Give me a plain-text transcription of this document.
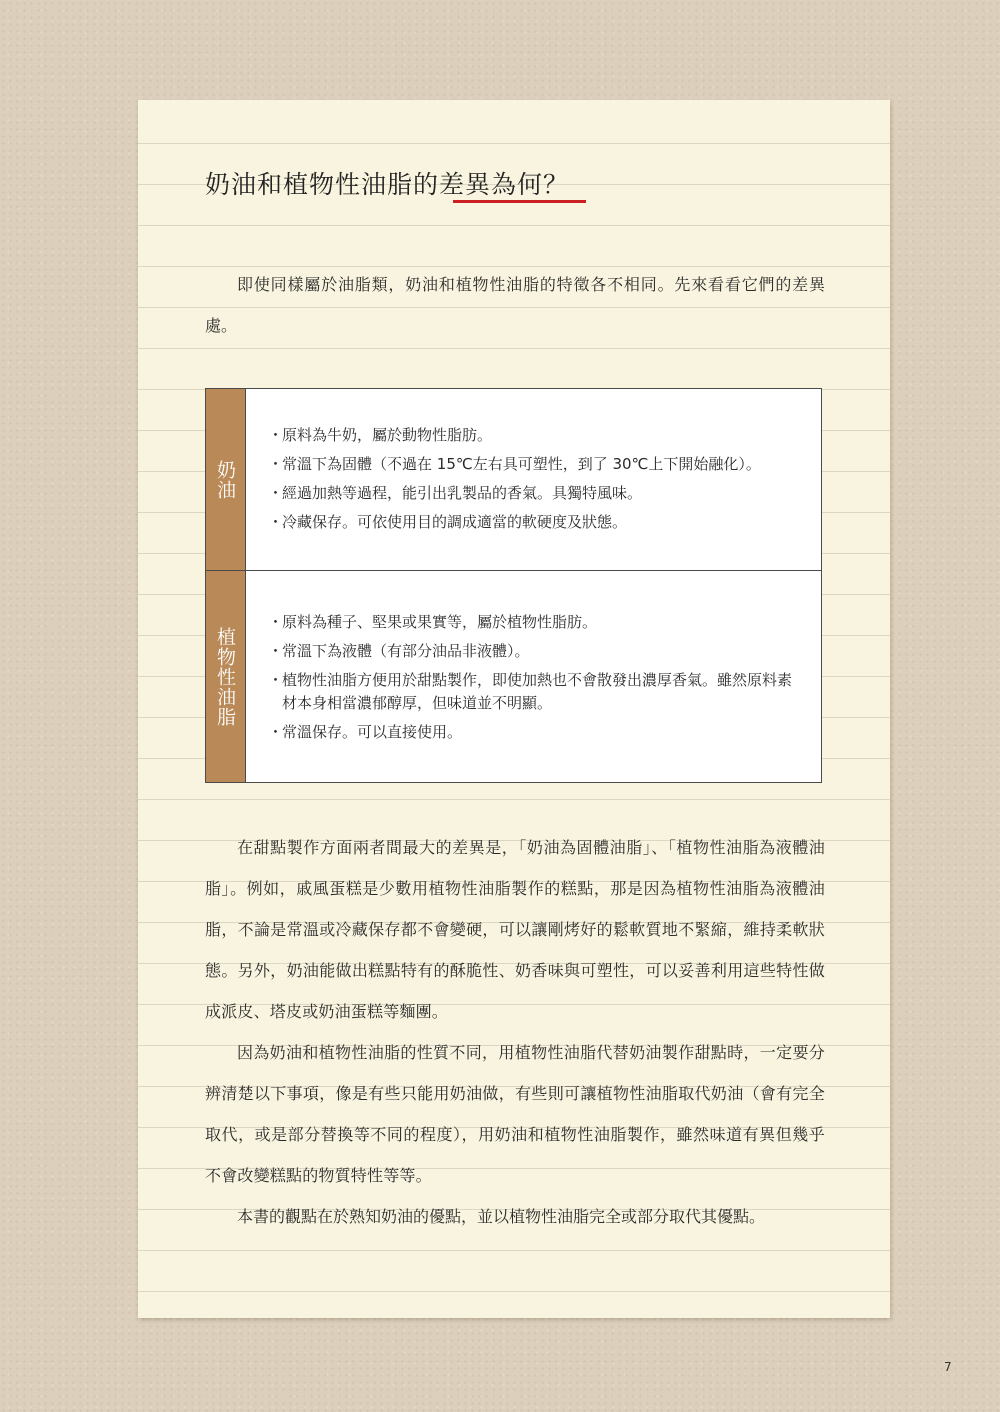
奶油和植物性油脂的差異為何？

即使同樣屬於油脂類，奶油和植物性油脂的特徵各不相同。先來看看它們的差異處。

奶油
・
原料為牛奶，屬於動物性脂肪。
・
常溫下為固體（不過在 15℃左右具可塑性，到了 30℃上下開始融化）。
・
經過加熱等過程，能引出乳製品的香氣。具獨特風味。
・
冷藏保存。可依使用目的調成適當的軟硬度及狀態。
植物性油脂
・
原料為種子、堅果或果實等，屬於植物性脂肪。
・
常溫下為液體（有部分油品非液體）。
・
植物性油脂方便用於甜點製作，即使加熱也不會散發出濃厚香氣。雖然原料素材本身相當濃郁醇厚，但味道並不明顯。
・
常溫保存。可以直接使用。

在甜點製作方面兩者間最大的差異是，「奶油為固體油脂」、「植物性油脂為液體油脂」。例如，戚風蛋糕是少數用植物性油脂製作的糕點，那是因為植物性油脂為液體油脂，不論是常溫或冷藏保存都不會變硬，可以讓剛烤好的鬆軟質地不緊縮，維持柔軟狀態。另外，奶油能做出糕點特有的酥脆性、奶香味與可塑性，可以妥善利用這些特性做成派皮、塔皮或奶油蛋糕等麵團。

因為奶油和植物性油脂的性質不同，用植物性油脂代替奶油製作甜點時，一定要分辨清楚以下事項，像是有些只能用奶油做，有些則可讓植物性油脂取代奶油（會有完全取代，或是部分替換等不同的程度），用奶油和植物性油脂製作，雖然味道有異但幾乎不會改變糕點的物質特性等等。

本書的觀點在於熟知奶油的優點，並以植物性油脂完全或部分取代其優點。

7
